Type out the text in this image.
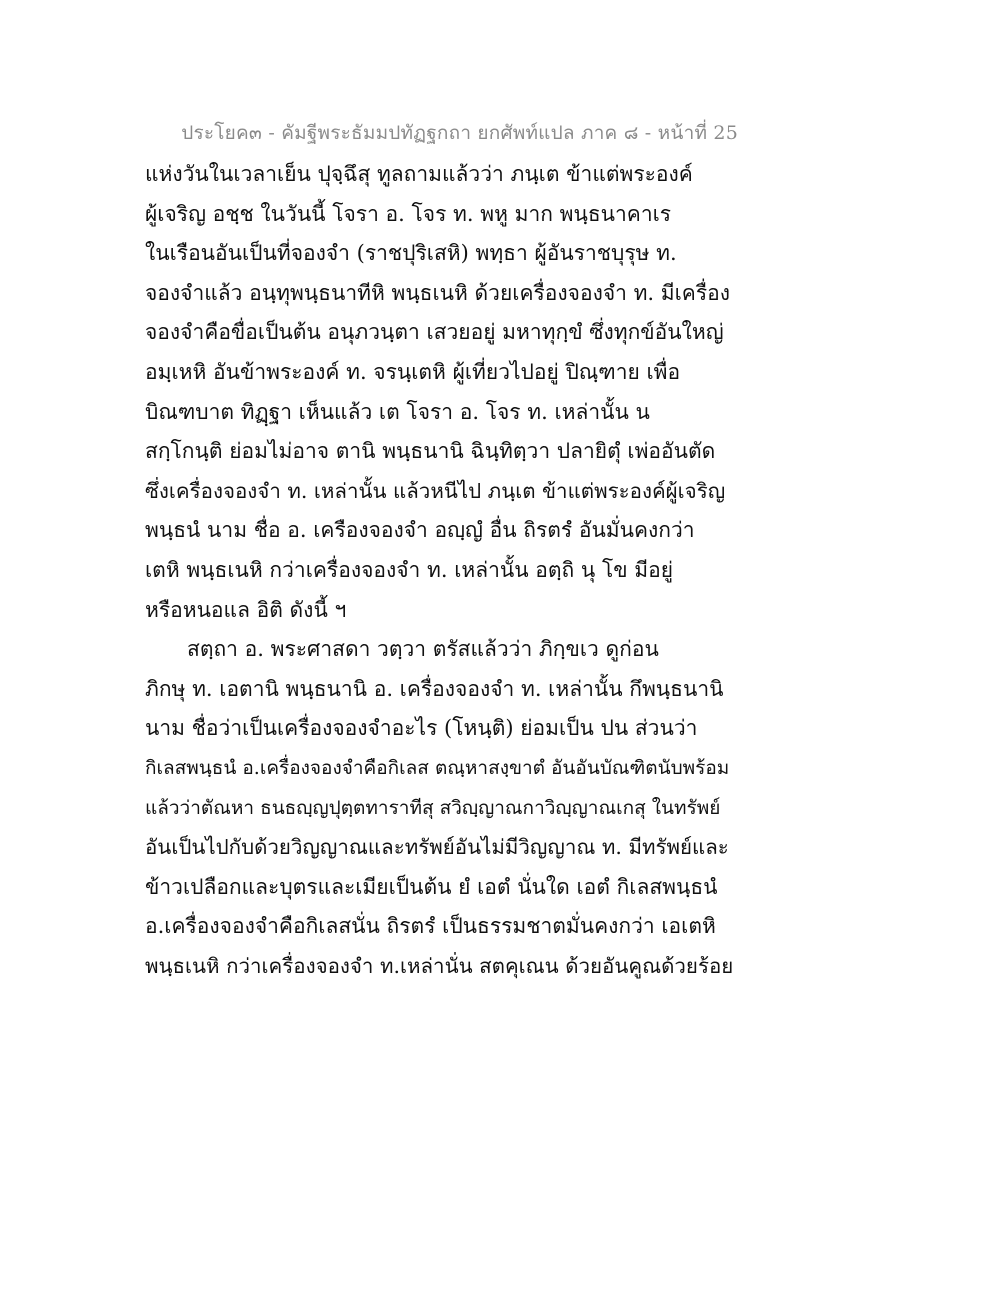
ประโยค๓ - คัมฐีพระธัมมปทัฏฐกถา ยกศัพท์แปล ภาค ๘ - หน้าที่ 25
แห่งวันในเวลาเย็น ปุจฺฉึสุ ทูลถามแล้วว่า ภนฺเต ข้าแต่พระองค์
ผู้เจริญ อชฺช ในวันนี้ โจรา อ. โจร ท. พหู มาก พนฺธนาคาเร
ในเรือนอันเป็นที่จองจำ (ราชปุริเสหิ) พทฺธา ผู้อันราชบุรุษ ท.
จองจำแล้ว อนฺทุพนฺธนาทีหิ พนฺธเนหิ ด้วยเครื่องจองจำ ท. มีเครื่อง
จองจำคือขื่อเป็นต้น อนุภวนฺตา เสวยอยู่ มหาทุกฺขํ ซึ่งทุกข์อันใหญ่
อมฺเหหิ อันข้าพระองค์ ท. จรนฺเตหิ ผู้เที่ยวไปอยู่ ปิณฺฑาย เพื่อ
บิณฑบาต ทิฏฺฐา เห็นแล้ว เต โจรา อ. โจร ท. เหล่านั้น น
สกฺโกนฺติ ย่อมไม่อาจ ตานิ พนฺธนานิ ฉินฺทิตฺวา ปลายิตุํ เพ่ออันตัด
ซึ่งเครื่องจองจำ ท. เหล่านั้น แล้วหนีไป ภนฺเต ข้าแต่พระองค์ผู้เจริญ
พนฺธนํ นาม ชื่อ อ. เครืองจองจำ อญฺญํ อื่น ถิรตรํ อันมั่นคงกว่า
เตหิ พนฺธเนหิ กว่าเครื่องจองจำ ท. เหล่านั้น อตฺถิ นุ โข มีอยู่
หรือหนอแล อิติ ดังนี้ ฯ
สตฺถา อ. พระศาสดา วตฺวา ตรัสแล้วว่า ภิกฺขเว ดูก่อน
ภิกษุ ท. เอตานิ พนฺธนานิ อ. เครื่องจองจำ ท. เหล่านั้น กึพนฺธนานิ
นาม ชื่อว่าเป็นเครื่องจองจำอะไร (โหนฺติ) ย่อมเป็น ปน ส่วนว่า
กิเลสพนฺธนํ อ.เครื่องจองจำคือกิเลส ตณฺหาสงฺขาตํ อันอันบัณฑิตนับพร้อม
แล้วว่าตัณหา ธนธญฺญปุตฺตทาราทีสุ สวิญฺญาณกาวิญฺญาณเกสุ ในทรัพย์
อันเป็นไปกับด้วยวิญญาณและทรัพย์อันไม่มีวิญญาณ ท. มีทรัพย์และ
ข้าวเปลือกและบุตรและเมียเป็นต้น ยํ เอตํ นั่นใด เอตํ กิเลสพนฺธนํ
อ.เครื่องจองจำคือกิเลสนั่น ถิรตรํ เป็นธรรมชาตมั่นคงกว่า เอเตหิ
พนฺธเนหิ กว่าเครื่องจองจำ ท.เหล่านั่น สตคุเณน ด้วยอันคูณด้วยร้อย
